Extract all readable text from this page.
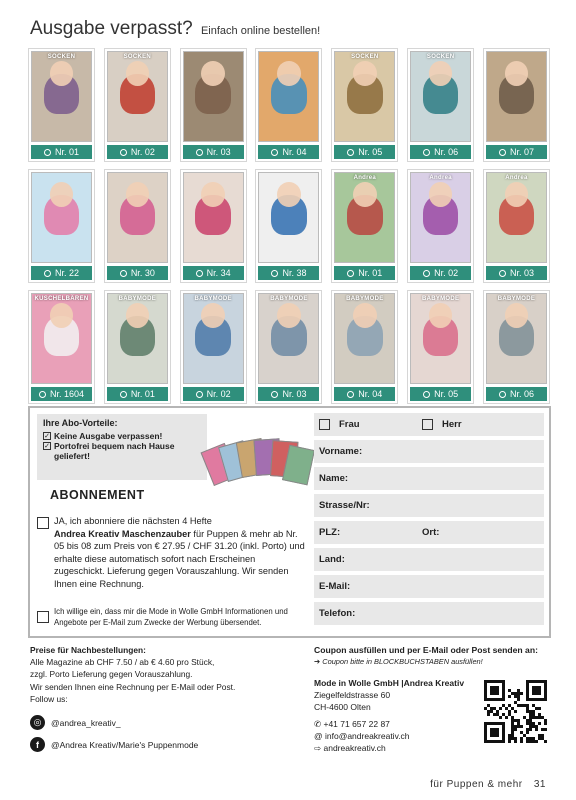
Ausgabe verpasst? Einfach online bestellen!
SOCKEN
Nr. 01
SOCKEN
Nr. 02	Nr. 03	Nr. 04
SOCKEN
Nr. 05
SOCKEN
Nr. 06	Nr. 07
Nr. 22	Nr. 30	Nr. 34	Nr. 38
Andrea
Nr. 01
Andrea
Nr. 02
Andrea
Nr. 03
KUSCHELBÄREN
Nr. 1604
BABYMODE
Nr. 01
BABYMODE
Nr. 02
BABYMODE
Nr. 03
BABYMODE
Nr. 04
BABYMODE
Nr. 05
BABYMODE
Nr. 06
Ihre Abo-Vorteile:
✓ Keine Ausgabe verpassen!
✓ Portofrei bequem nach Hause geliefert!
ABONNEMENT
JA, ich abonniere die nächsten 4 Hefte
Andrea Kreativ Maschenzauber für Puppen & mehr ab Nr. 05 bis 08 zum Preis von € 27.95 / CHF 31.20 (inkl. Porto) und erhalte diese automatisch sofort nach Erscheinen zugeschickt. Lieferung gegen Vorauszahlung. Wir senden Ihnen eine Rechnung.
Ich willige ein, dass mir die Mode in Wolle GmbH Informationen und Angebote per E-Mail zum Zwecke der Werbung übersendet.
Frau	Herr
Vorname:
Name:
Strasse/Nr:
PLZ:	Ort:
Land:
E-Mail:
Telefon:
Preise für Nachbestellungen:
Alle Magazine ab CHF 7.50 / ab € 4.60 pro Stück,
zzgl. Porto Lieferung gegen Vorauszahlung.
Wir senden Ihnen eine Rechnung per E-Mail oder Post.
Follow us:
◎	@andrea_kreativ_
f	@Andrea Kreativ/Marie's Puppenmode
Coupon ausfüllen und per E-Mail oder Post senden an:
➔ Coupon bitte in BLOCKBUCHSTABEN ausfüllen!
Mode in Wolle GmbH |Andrea Kreativ
Ziegelfeldstrasse 60
CH-4600 Olten
✆ +41 71 657 22 87
@ info@andreakreativ.ch
⇨ andreakreativ.ch
für Puppen & mehr 31
